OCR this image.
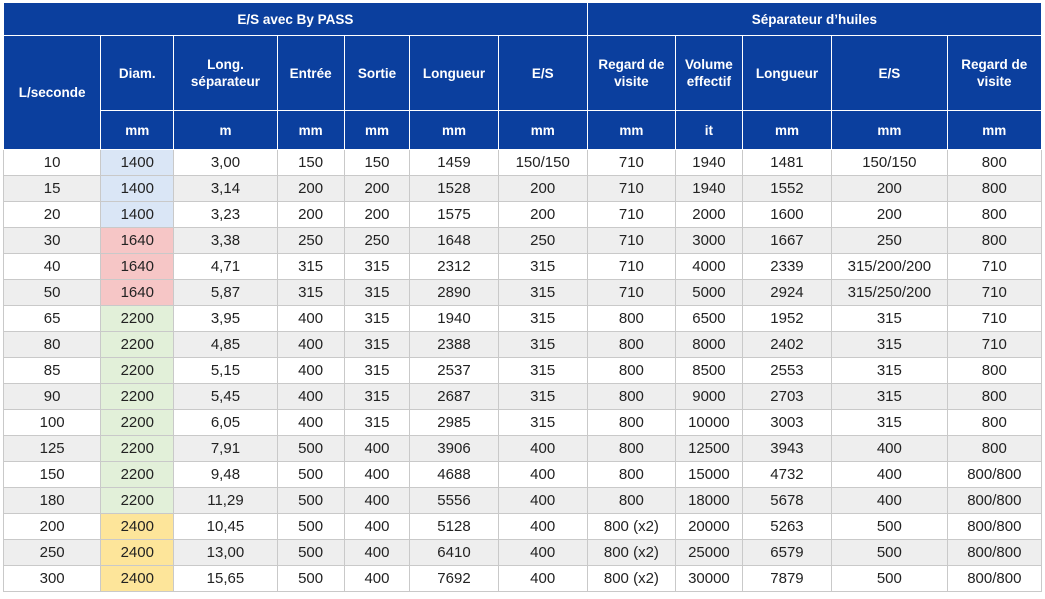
E/S avec By PASS							Séparateur d’huiles				
L/seconde	Diam.	Long. séparateur	Entrée	Sortie	Longueur	E/S	Regard de visite	Volume effectif	Longueur	E/S	Regard de visite
	mm	m	mm	mm	mm	mm	mm	it	mm	mm	mm
10	1400	3,00	150	150	1459	150/150	710	1940	1481	150/150	800
15	1400	3,14	200	200	1528	200	710	1940	1552	200	800
20	1400	3,23	200	200	1575	200	710	2000	1600	200	800
30	1640	3,38	250	250	1648	250	710	3000	1667	250	800
40	1640	4,71	315	315	2312	315	710	4000	2339	315/200/200	710
50	1640	5,87	315	315	2890	315	710	5000	2924	315/250/200	710
65	2200	3,95	400	315	1940	315	800	6500	1952	315	710
80	2200	4,85	400	315	2388	315	800	8000	2402	315	710
85	2200	5,15	400	315	2537	315	800	8500	2553	315	800
90	2200	5,45	400	315	2687	315	800	9000	2703	315	800
100	2200	6,05	400	315	2985	315	800	10000	3003	315	800
125	2200	7,91	500	400	3906	400	800	12500	3943	400	800
150	2200	9,48	500	400	4688	400	800	15000	4732	400	800/800
180	2200	11,29	500	400	5556	400	800	18000	5678	400	800/800
200	2400	10,45	500	400	5128	400	800 (x2)	20000	5263	500	800/800
250	2400	13,00	500	400	6410	400	800 (x2)	25000	6579	500	800/800
300	2400	15,65	500	400	7692	400	800 (x2)	30000	7879	500	800/800
